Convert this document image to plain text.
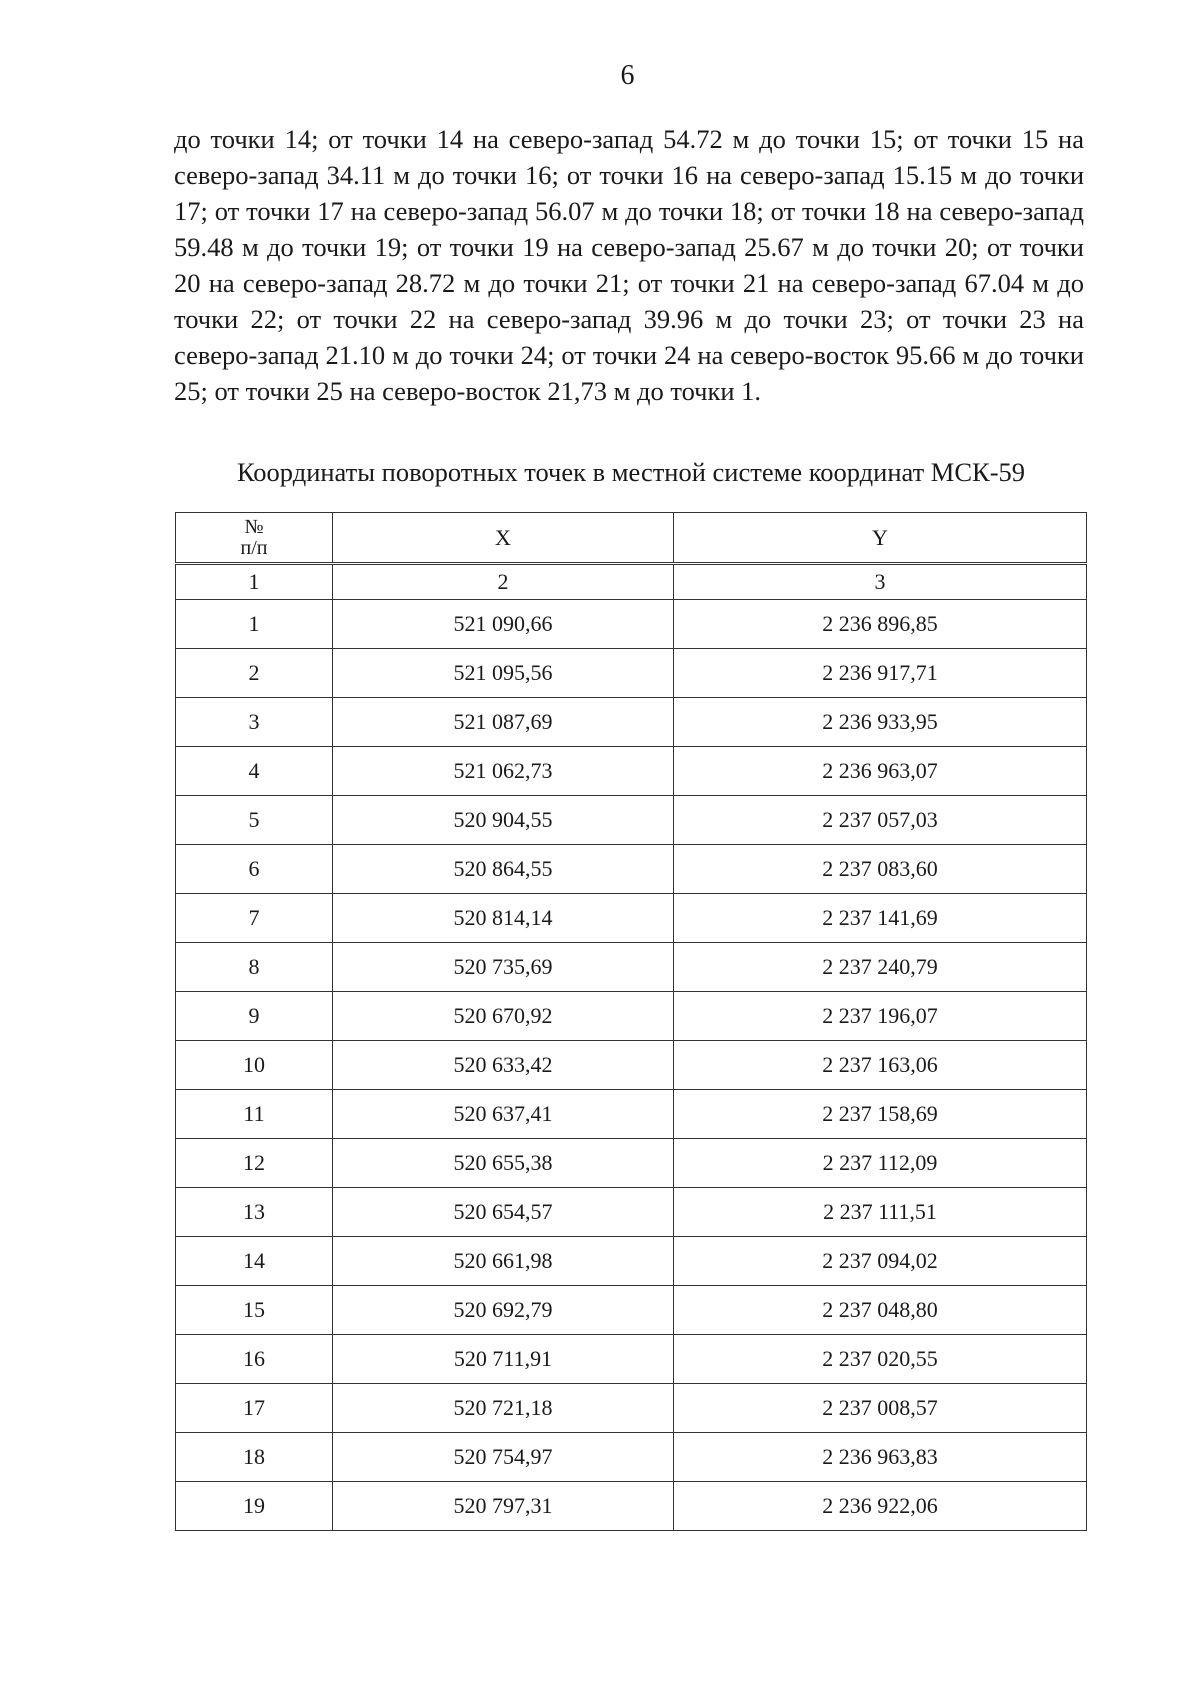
6

до точки 14; от точки 14 на северо-запад 54.72 м до точки 15; от точки 15 на северо-запад 34.11 м до точки 16; от точки 16 на северо-запад 15.15 м до точки 17; от точки 17 на северо-запад 56.07 м до точки 18; от точки 18 на северо-запад 59.48 м до точки 19; от точки 19 на северо-запад 25.67 м до точки 20; от точки 20 на северо-запад 28.72 м до точки 21; от точки 21 на северо-запад 67.04 м до точки 22; от точки 22 на северо-запад 39.96 м до точки 23; от точки 23 на северо-запад 21.10 м до точки 24; от точки 24 на северо-восток 95.66 м до точки 25; от точки 25 на северо-восток 21,73 м до точки 1.

Координаты поворотных точек в местной системе координат МСК-59
№
п/п	X	Y
1	2	3
1	521 090,66	2 236 896,85
2	521 095,56	2 236 917,71
3	521 087,69	2 236 933,95
4	521 062,73	2 236 963,07
5	520 904,55	2 237 057,03
6	520 864,55	2 237 083,60
7	520 814,14	2 237 141,69
8	520 735,69	2 237 240,79
9	520 670,92	2 237 196,07
10	520 633,42	2 237 163,06
11	520 637,41	2 237 158,69
12	520 655,38	2 237 112,09
13	520 654,57	2 237 111,51
14	520 661,98	2 237 094,02
15	520 692,79	2 237 048,80
16	520 711,91	2 237 020,55
17	520 721,18	2 237 008,57
18	520 754,97	2 236 963,83
19	520 797,31	2 236 922,06
